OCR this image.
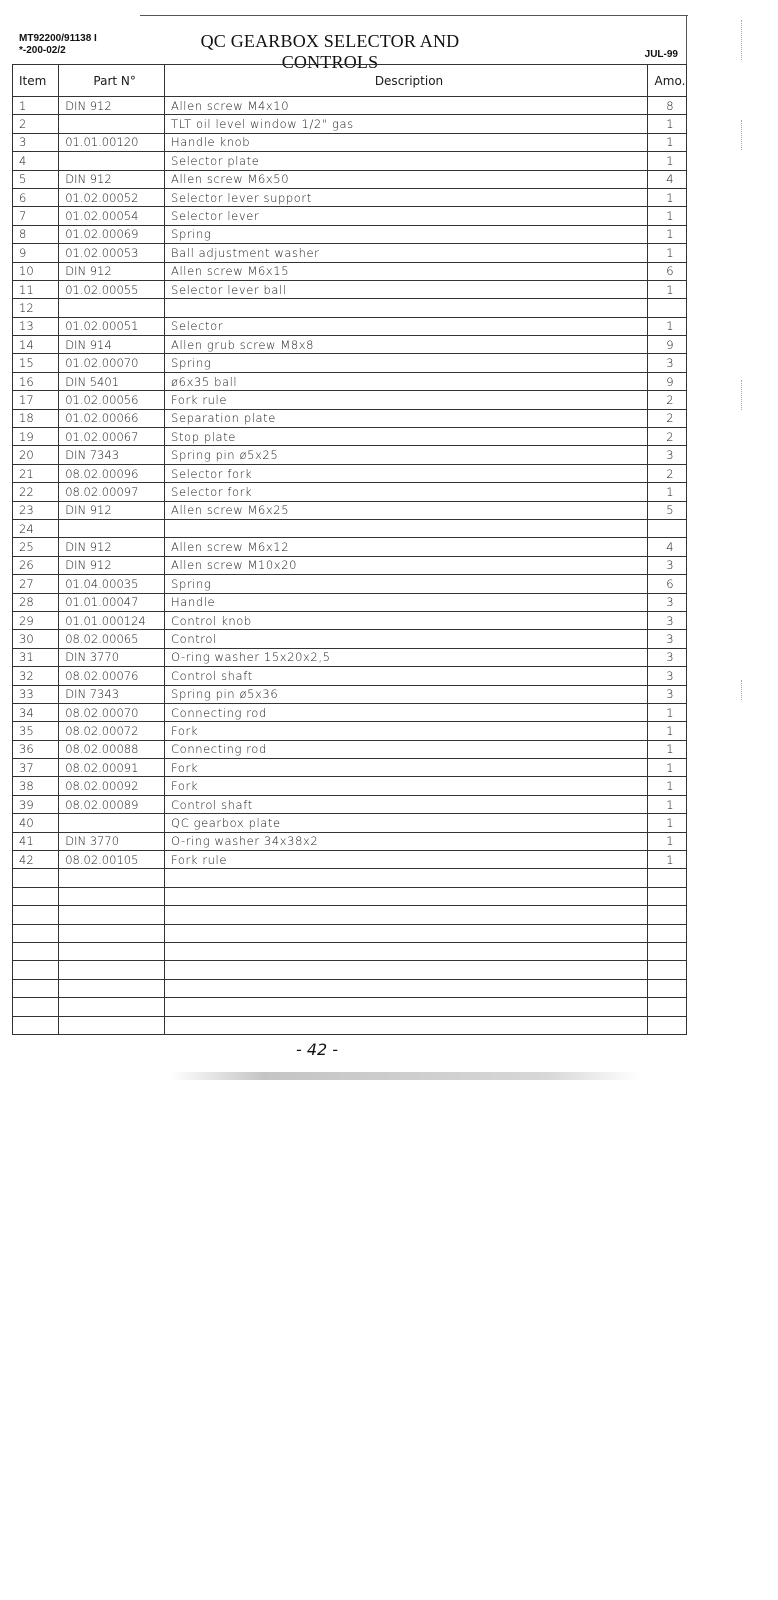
MT92200/91138 I
*-200-02/2	QC GEARBOX SELECTOR AND CONTROLS	JUL-99
Item	Part N°	Description	Amo.
1	DIN 912	Allen screw M4x10	8
2		TLT oil level window 1/2" gas	1
3	01.01.00120	Handle knob	1
4		Selector plate	1
5	DIN 912	Allen screw M6x50	4
6	01.02.00052	Selector lever support	1
7	01.02.00054	Selector lever	1
8	01.02.00069	Spring	1
9	01.02.00053	Ball adjustment washer	1
10	DIN 912	Allen screw M6x15	6
11	01.02.00055	Selector lever ball	1
12			
13	01.02.00051	Selector	1
14	DIN 914	Allen grub screw M8x8	9
15	01.02.00070	Spring	3
16	DIN 5401	ø6x35 ball	9
17	01.02.00056	Fork rule	2
18	01.02.00066	Separation plate	2
19	01.02.00067	Stop plate	2
20	DIN 7343	Spring pin ø5x25	3
21	08.02.00096	Selector fork	2
22	08.02.00097	Selector fork	1
23	DIN 912	Allen screw M6x25	5
24			
25	DIN 912	Allen screw M6x12	4
26	DIN 912	Allen screw M10x20	3
27	01.04.00035	Spring	6
28	01.01.00047	Handle	3
29	01.01.000124	Control knob	3
30	08.02.00065	Control	3
31	DIN 3770	O-ring washer 15x20x2,5	3
32	08.02.00076	Control shaft	3
33	DIN 7343	Spring pin ø5x36	3
34	08.02.00070	Connecting rod	1
35	08.02.00072	Fork	1
36	08.02.00088	Connecting rod	1
37	08.02.00091	Fork	1
38	08.02.00092	Fork	1
39	08.02.00089	Control shaft	1
40		QC gearbox plate	1
41	DIN 3770	O-ring washer 34x38x2	1
42	08.02.00105	Fork rule	1

- 42 -
